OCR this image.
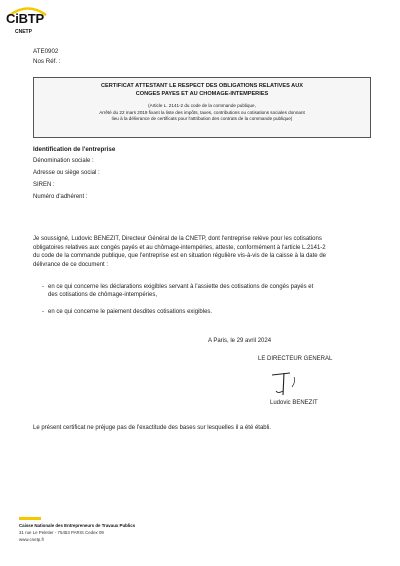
CiBTP
CNETP
ATE0902
Nos Réf. :
CERTIFICAT ATTESTANT LE RESPECT DES OBLIGATIONS RELATIVES AUX
CONGES PAYES ET AU CHOMAGE-INTEMPERIES
(Article L. 2141-2 du code de la commande publique,
Arrêté du 22 mars 2019 fixant la liste des impôts, taxes, contributions ou cotisations sociales donnant
lieu à la délivrance de certificats pour l'attribution des contrats de la commande publique)
Identification de l'entreprise
Dénomination sociale :
Adresse ou siège social :
SIREN :
Numéro d'adhérent :
Je soussigné, Ludovic BENEZIT, Directeur Général de la CNETP, dont l'entreprise relève pour les cotisations
obligatoires relatives aux congés payés et au chômage-intempéries, atteste, conformément à l'article L.2141-2
du code de la commande publique, que l'entreprise est en situation régulière vis-à-vis de la caisse à la date de
délivrance de ce document :
- en ce qui concerne les déclarations exigibles servant à l'assiette des cotisations de congés payés et
des cotisations de chômage-intempéries,
- en ce qui concerne le paiement desdites cotisations exigibles.
A Paris, le 29 avril 2024
LE DIRECTEUR GENERAL
Ludovic BENEZIT
Le présent certificat ne préjuge pas de l'exactitude des bases sur lesquelles il a été établi.
Caisse Nationale des Entrepreneurs de Travaux Publics
31 rue Le Peletier - 75453 PARIS Cedex 09
www.cnetp.fr
